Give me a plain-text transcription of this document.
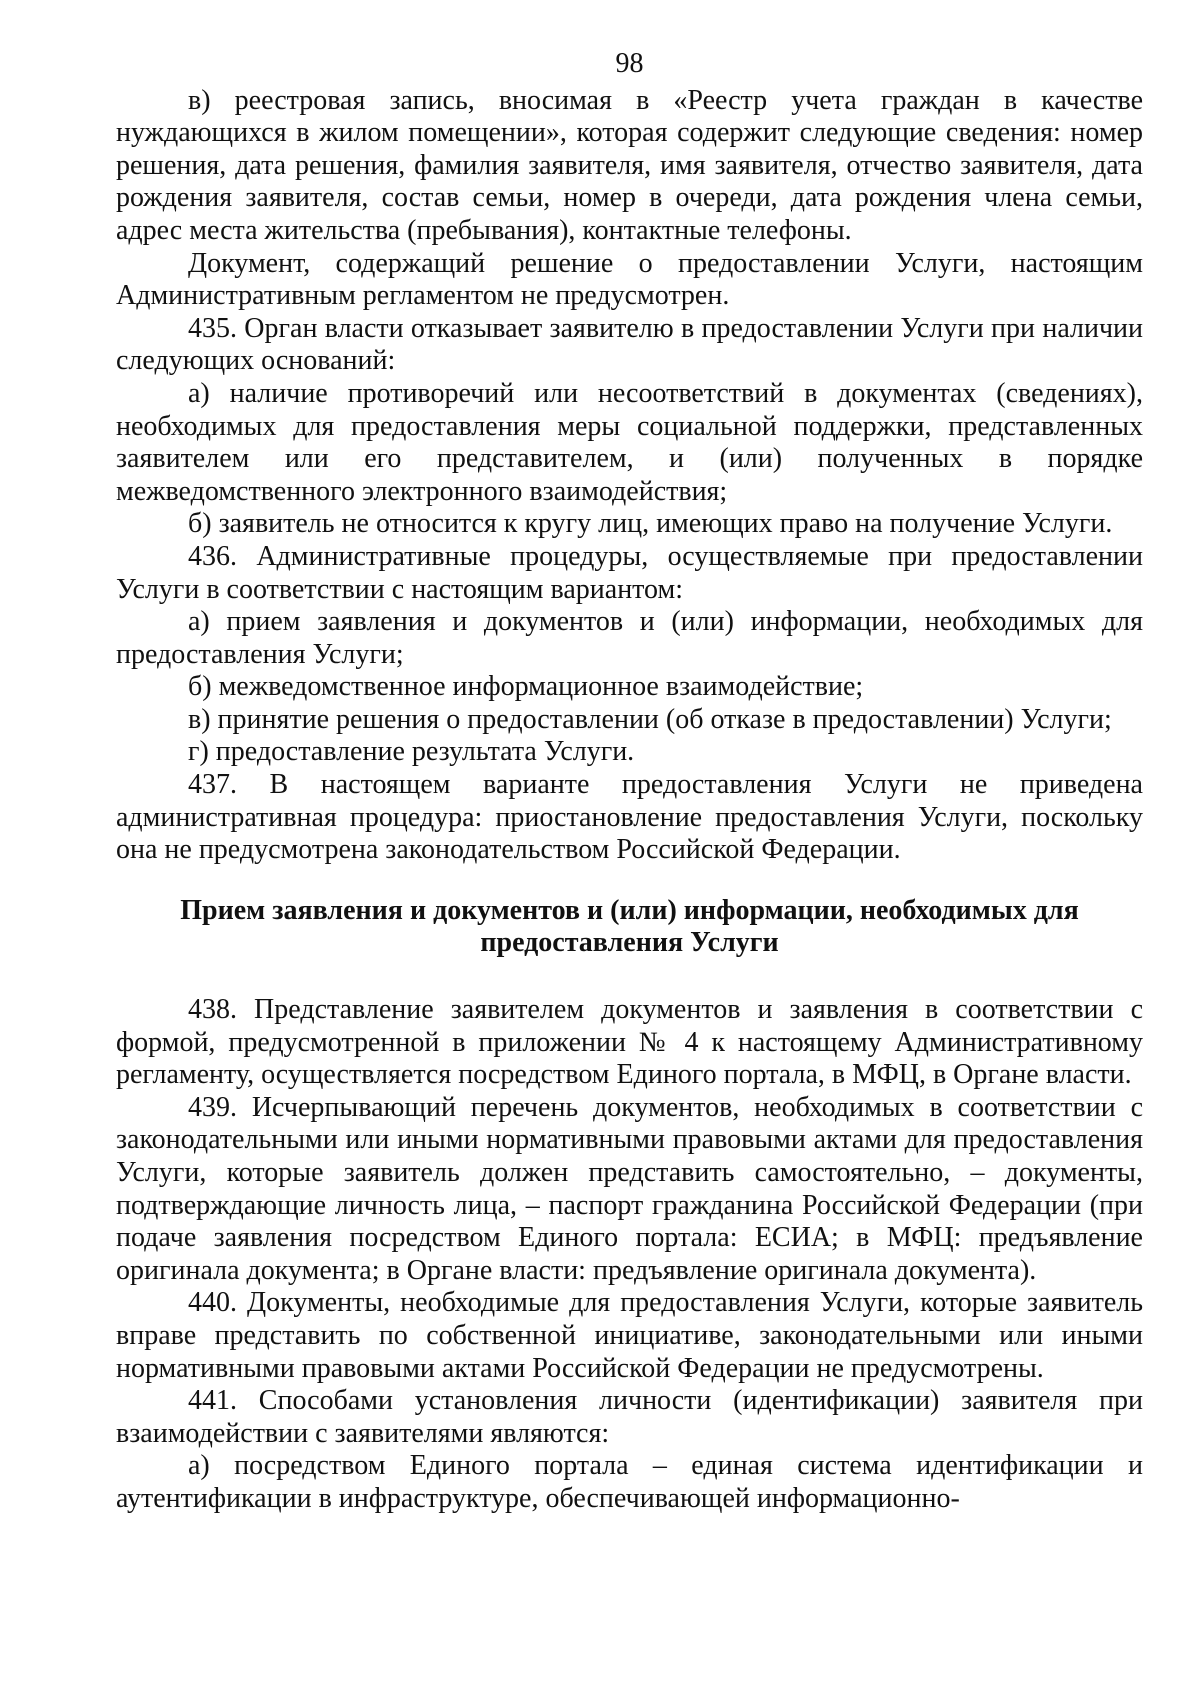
98

в) реестровая запись, вносимая в «Реестр учета граждан в качестве нуждающихся в жилом помещении», которая содержит следующие сведения: номер решения, дата решения, фамилия заявителя, имя заявителя, отчество заявителя, дата рождения заявителя, состав семьи, номер в очереди, дата рождения члена семьи, адрес места жительства (пребывания), контактные телефоны.

Документ, содержащий решение о предоставлении Услуги, настоящим Административным регламентом не предусмотрен.

435. Орган власти отказывает заявителю в предоставлении Услуги при наличии следующих оснований:

а) наличие противоречий или несоответствий в документах (сведениях), необходимых для предоставления меры социальной поддержки, представленных заявителем или его представителем, и (или) полученных в порядке межведомственного электронного взаимодействия;

б) заявитель не относится к кругу лиц, имеющих право на получение Услуги.

436. Административные процедуры, осуществляемые при предоставлении Услуги в соответствии с настоящим вариантом:

а) прием заявления и документов и (или) информации, необходимых для предоставления Услуги;

б) межведомственное информационное взаимодействие;

в) принятие решения о предоставлении (об отказе в предоставлении) Услуги;

г) предоставление результата Услуги.

437. В настоящем варианте предоставления Услуги не приведена административная процедура: приостановление предоставления Услуги, поскольку она не предусмотрена законодательством Российской Федерации.

Прием заявления и документов и (или) информации, необходимых для предоставления Услуги

438. Представление заявителем документов и заявления в соответствии с формой, предусмотренной в приложении № 4 к настоящему Административному регламенту, осуществляется посредством Единого портала, в МФЦ, в Органе власти.

439. Исчерпывающий перечень документов, необходимых в соответствии с законодательными или иными нормативными правовыми актами для предоставления Услуги, которые заявитель должен представить самостоятельно, – документы, подтверждающие личность лица, – паспорт гражданина Российской Федерации (при подаче заявления посредством Единого портала: ЕСИА; в МФЦ: предъявление оригинала документа; в Органе власти: предъявление оригинала документа).

440. Документы, необходимые для предоставления Услуги, которые заявитель вправе представить по собственной инициативе, законодательными или иными нормативными правовыми актами Российской Федерации не предусмотрены.

441. Способами установления личности (идентификации) заявителя при взаимодействии с заявителями являются:

а) посредством Единого портала – единая система идентификации и аутентификации в инфраструктуре, обеспечивающей информационно-
